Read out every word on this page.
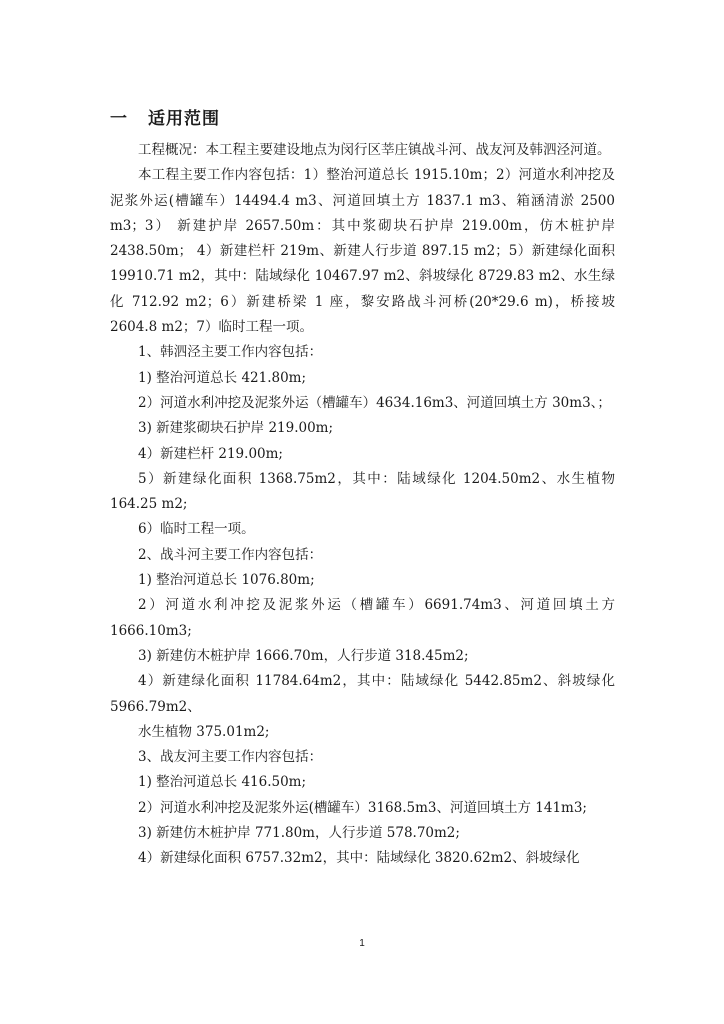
一 适用范围

工程概况：本工程主要建设地点为闵行区莘庄镇战斗河、战友河及韩泗泾河道。

本工程主要工作内容包括：1）整治河道总长 1915.10m；2）河道水利冲挖及泥浆外运(槽罐车）14494.4 m3、河道回填土方 1837.1 m3、箱涵清淤 2500 m3；3） 新建护岸 2657.50m：其中浆砌块石护岸 219.00m，仿木桩护岸 2438.50m； 4）新建栏杆 219m、新建人行步道 897.15 m2；5）新建绿化面积 19910.71 m2，其中：陆域绿化 10467.97 m2、斜坡绿化 8729.83 m2、水生绿化 712.92 m2；6）新建桥梁 1 座，黎安路战斗河桥(20*29.6 m)，桥接坡 2604.8 m2；7）临时工程一项。

1、韩泗泾主要工作内容包括：

1) 整治河道总长 421.80m;

2）河道水利冲挖及泥浆外运（槽罐车）4634.16m3、河道回填土方 30m3、；

3) 新建浆砌块石护岸 219.00m;

4）新建栏杆 219.00m;

5）新建绿化面积 1368.75m2，其中：陆域绿化 1204.50m2、水生植物 164.25 m2;

6）临时工程一项。

2、战斗河主要工作内容包括：

1) 整治河道总长 1076.80m;

2）河道水利冲挖及泥浆外运（槽罐车）6691.74m3、河道回填土方 1666.10m3;

3) 新建仿木桩护岸 1666.70m，人行步道 318.45m2;

4）新建绿化面积 11784.64m2，其中：陆域绿化 5442.85m2、斜坡绿化 5966.79m2、

水生植物 375.01m2;

3、战友河主要工作内容包括：

1) 整治河道总长 416.50m;

2）河道水利冲挖及泥浆外运(槽罐车）3168.5m3、河道回填土方 141m3;

3) 新建仿木桩护岸 771.80m，人行步道 578.70m2;

4）新建绿化面积 6757.32m2，其中：陆域绿化 3820.62m2、斜坡绿化

1
